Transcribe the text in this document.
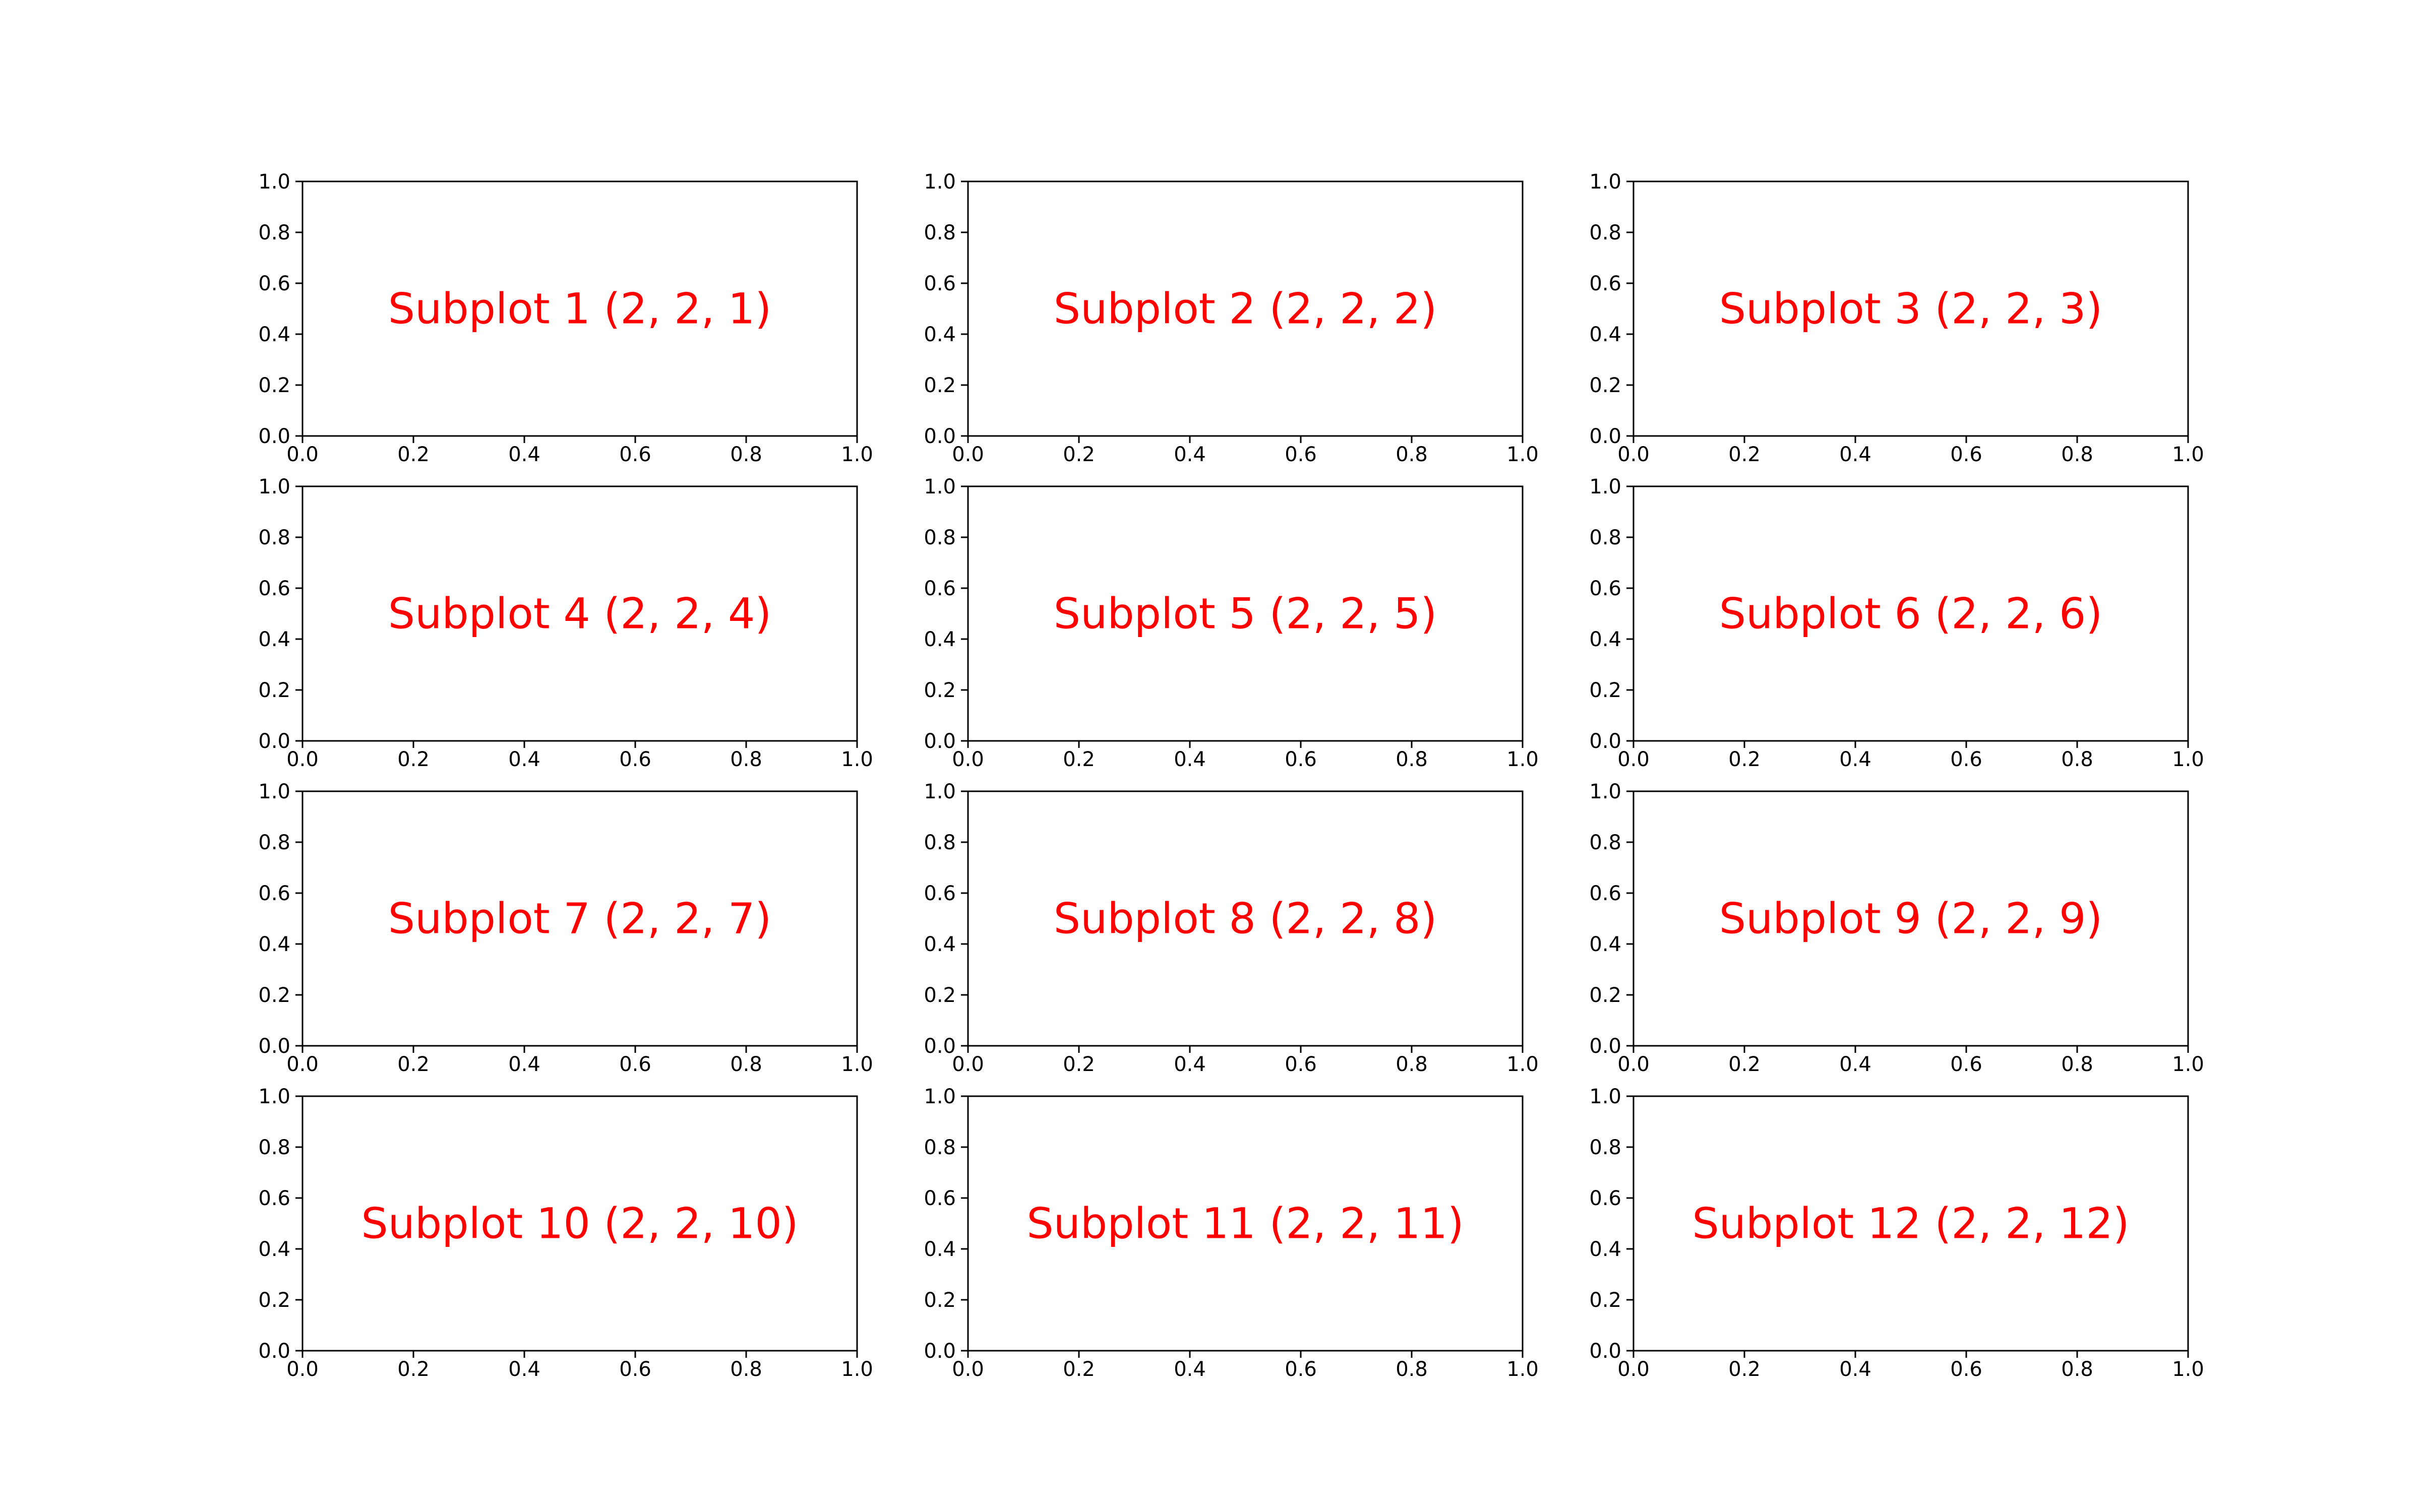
0.0	0.2	0.4	0.6	0.8	1.0
0.0
0.2
0.4
0.6
0.8
1.0
Subplot 1 (2, 2, 1)
0.0	0.2	0.4	0.6	0.8	1.0
0.0
0.2
0.4
0.6
0.8
1.0
Subplot 2 (2, 2, 2)
0.0	0.2	0.4	0.6	0.8	1.0
0.0
0.2
0.4
0.6
0.8
1.0
Subplot 3 (2, 2, 3)
0.0	0.2	0.4	0.6	0.8	1.0
0.0
0.2
0.4
0.6
0.8
1.0
Subplot 4 (2, 2, 4)
0.0	0.2	0.4	0.6	0.8	1.0
0.0
0.2
0.4
0.6
0.8
1.0
Subplot 5 (2, 2, 5)
0.0	0.2	0.4	0.6	0.8	1.0
0.0
0.2
0.4
0.6
0.8
1.0
Subplot 6 (2, 2, 6)
0.0	0.2	0.4	0.6	0.8	1.0
0.0
0.2
0.4
0.6
0.8
1.0
Subplot 7 (2, 2, 7)
0.0	0.2	0.4	0.6	0.8	1.0
0.0
0.2
0.4
0.6
0.8
1.0
Subplot 8 (2, 2, 8)
0.0	0.2	0.4	0.6	0.8	1.0
0.0
0.2
0.4
0.6
0.8
1.0
Subplot 9 (2, 2, 9)
0.0	0.2	0.4	0.6	0.8	1.0
0.0
0.2
0.4
0.6
0.8
1.0
Subplot 10 (2, 2, 10)
0.0	0.2	0.4	0.6	0.8	1.0
0.0
0.2
0.4
0.6
0.8
1.0
Subplot 11 (2, 2, 11)
0.0	0.2	0.4	0.6	0.8	1.0
0.0
0.2
0.4
0.6
0.8
1.0
Subplot 12 (2, 2, 12)
